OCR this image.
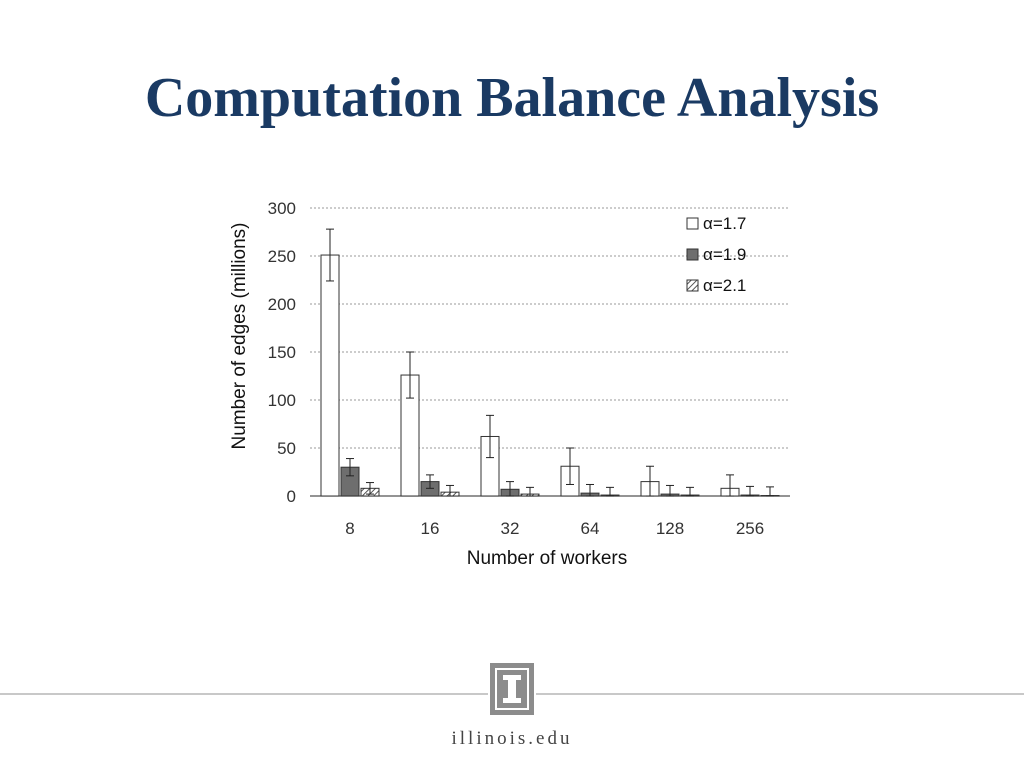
Computation Balance Analysis
0
50
100
150
200
250
300
8	16	32	64	128	256
Number of edges (millions)
Number of workers
α=1.7
α=1.9
α=2.1
illinois.edu
